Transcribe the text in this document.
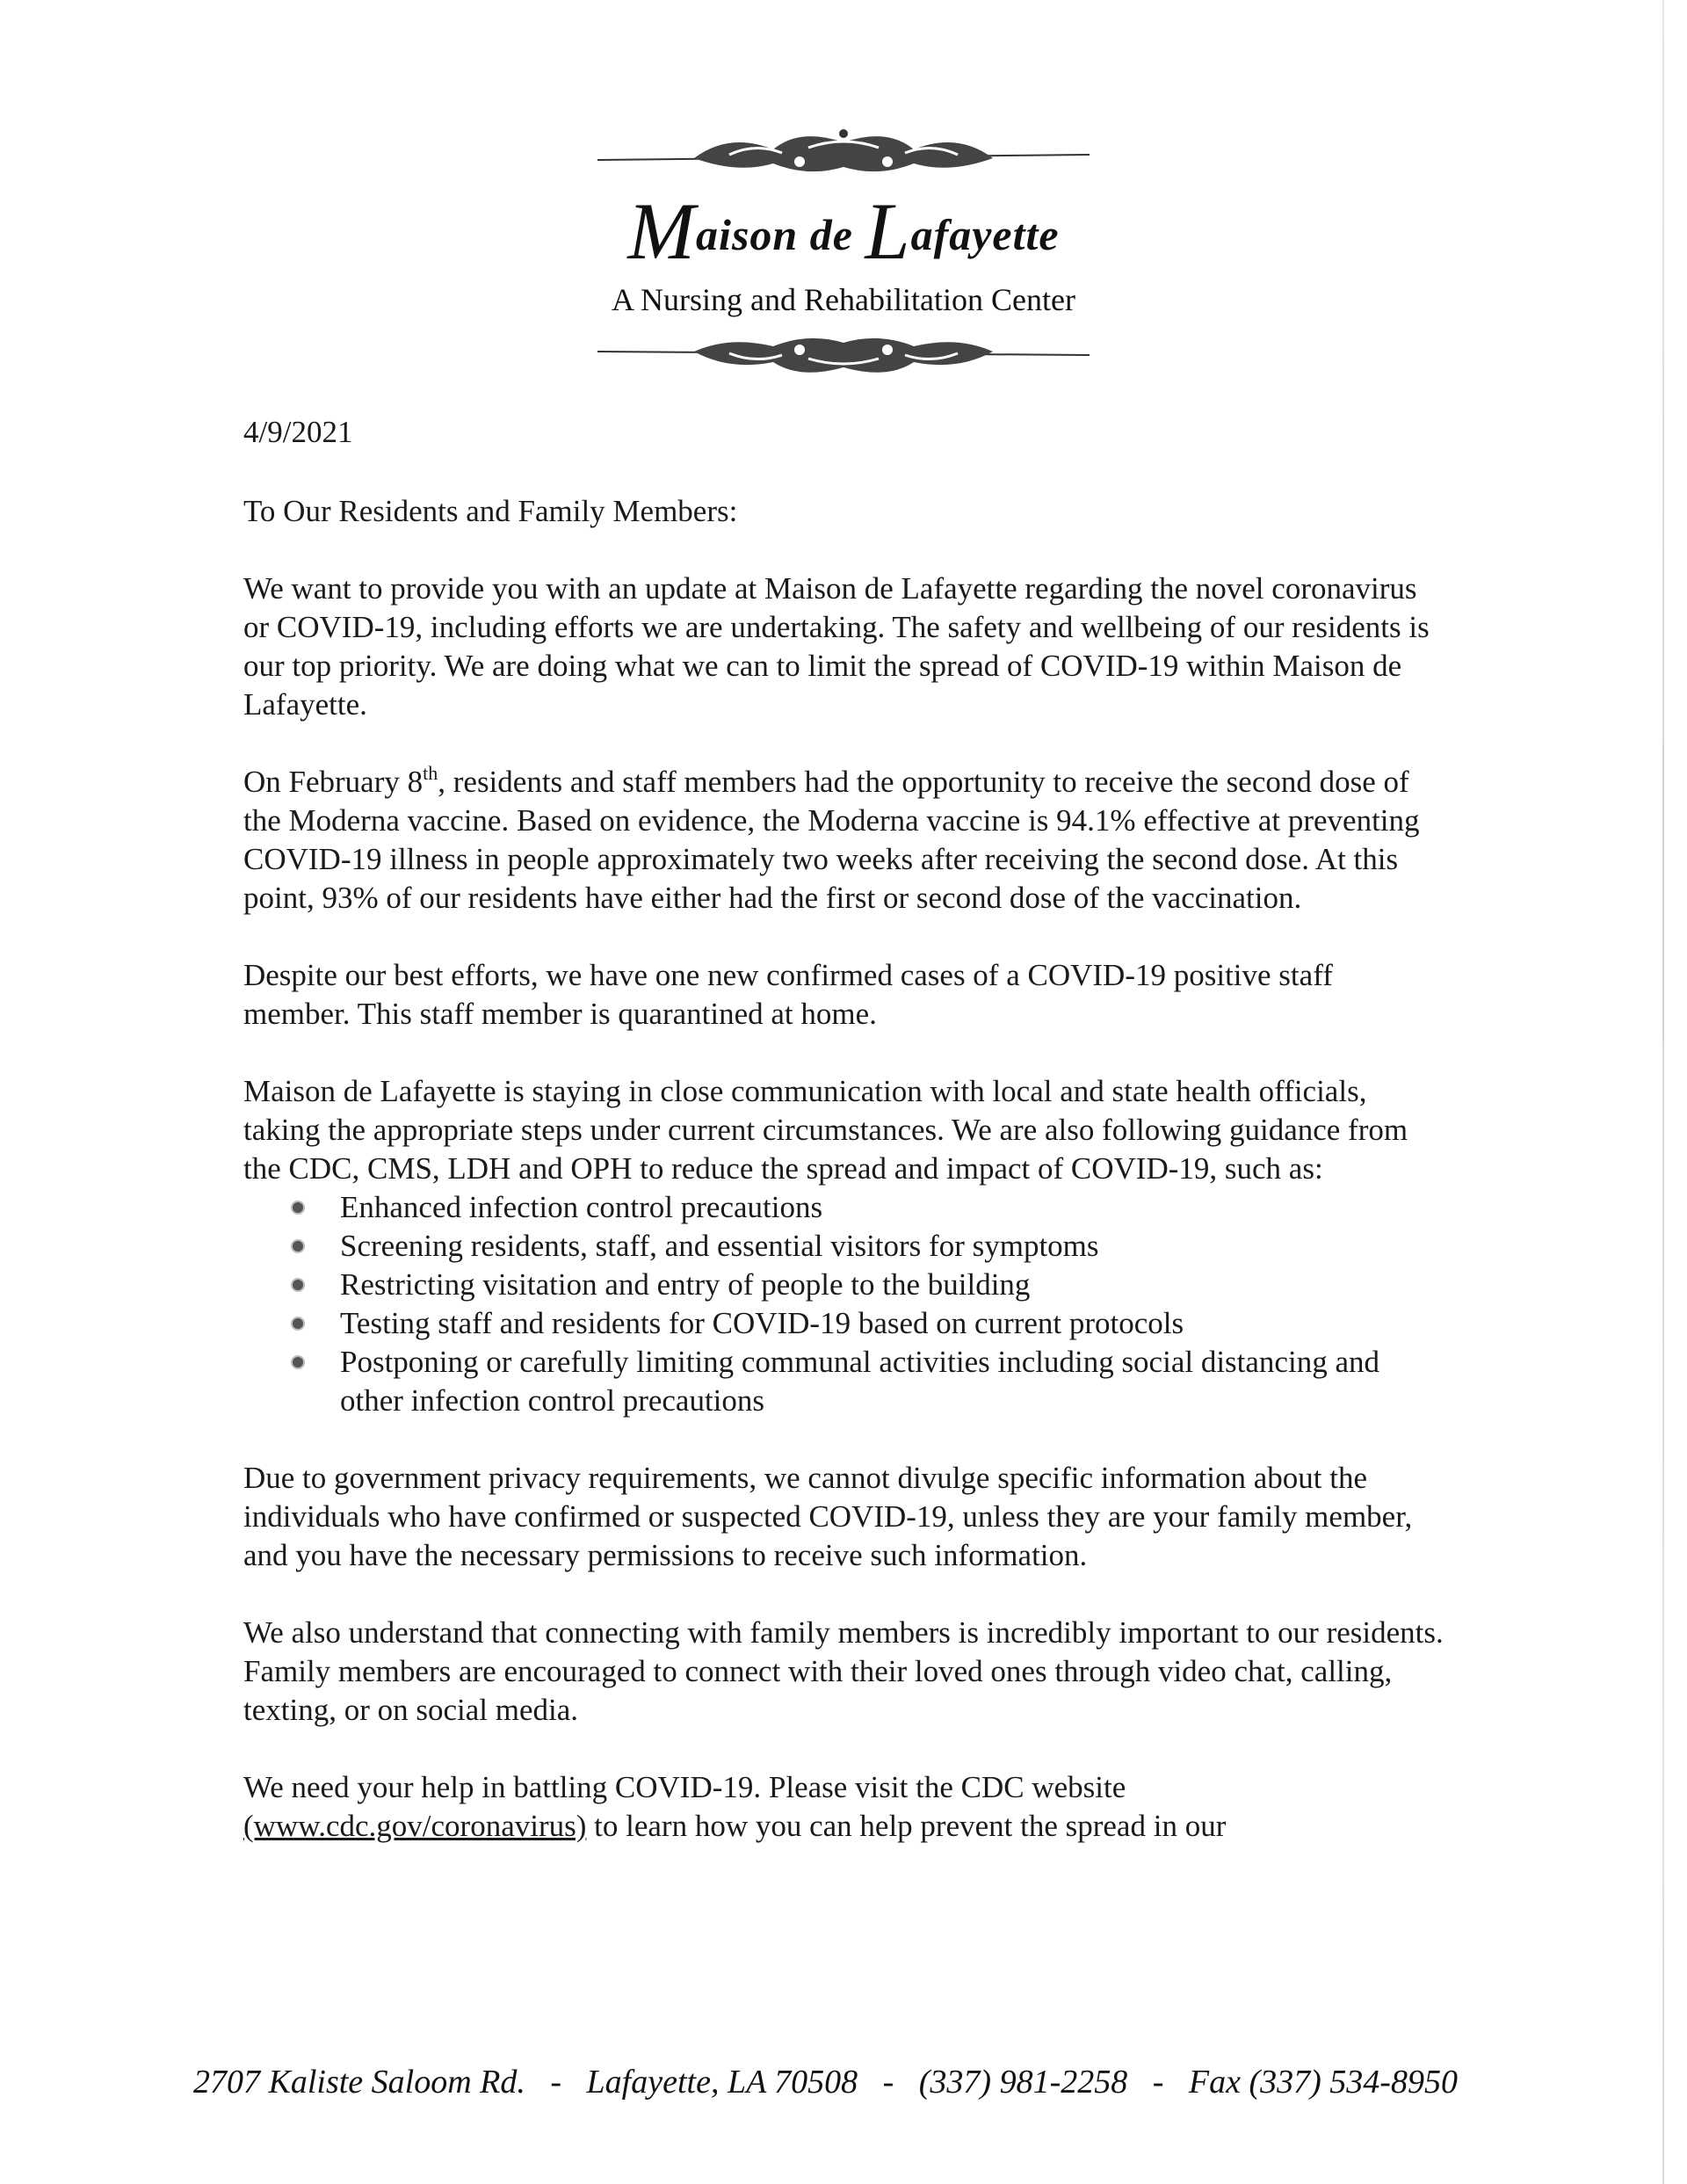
Maison de Lafayette
A Nursing and Rehabilitation Center

4/9/2021

To Our Residents and Family Members:

We want to provide you with an update at Maison de Lafayette regarding the novel coronavirus or COVID-19, including efforts we are undertaking. The safety and wellbeing of our residents is our top priority. We are doing what we can to limit the spread of COVID-19 within Maison de Lafayette.

On February 8th, residents and staff members had the opportunity to receive the second dose of the Moderna vaccine. Based on evidence, the Moderna vaccine is 94.1% effective at preventing COVID-19 illness in people approximately two weeks after receiving the second dose. At this point, 93% of our residents have either had the first or second dose of the vaccination.

Despite our best efforts, we have one new confirmed cases of a COVID-19 positive staff member. This staff member is quarantined at home.

Maison de Lafayette is staying in close communication with local and state health officials, taking the appropriate steps under current circumstances. We are also following guidance from the CDC, CMS, LDH and OPH to reduce the spread and impact of COVID-19, such as:

Enhanced infection control precautions
Screening residents, staff, and essential visitors for symptoms
Restricting visitation and entry of people to the building
Testing staff and residents for COVID-19 based on current protocols
Postponing or carefully limiting communal activities including social distancing and other infection control precautions

Due to government privacy requirements, we cannot divulge specific information about the individuals who have confirmed or suspected COVID-19, unless they are your family member, and you have the necessary permissions to receive such information.

We also understand that connecting with family members is incredibly important to our residents. Family members are encouraged to connect with their loved ones through video chat, calling, texting, or on social media.

We need your help in battling COVID-19. Please visit the CDC website (www.cdc.gov/coronavirus) to learn how you can help prevent the spread in our

2707 Kaliste Saloom Rd. - Lafayette, LA 70508 - (337) 981-2258 - Fax (337) 534-8950
